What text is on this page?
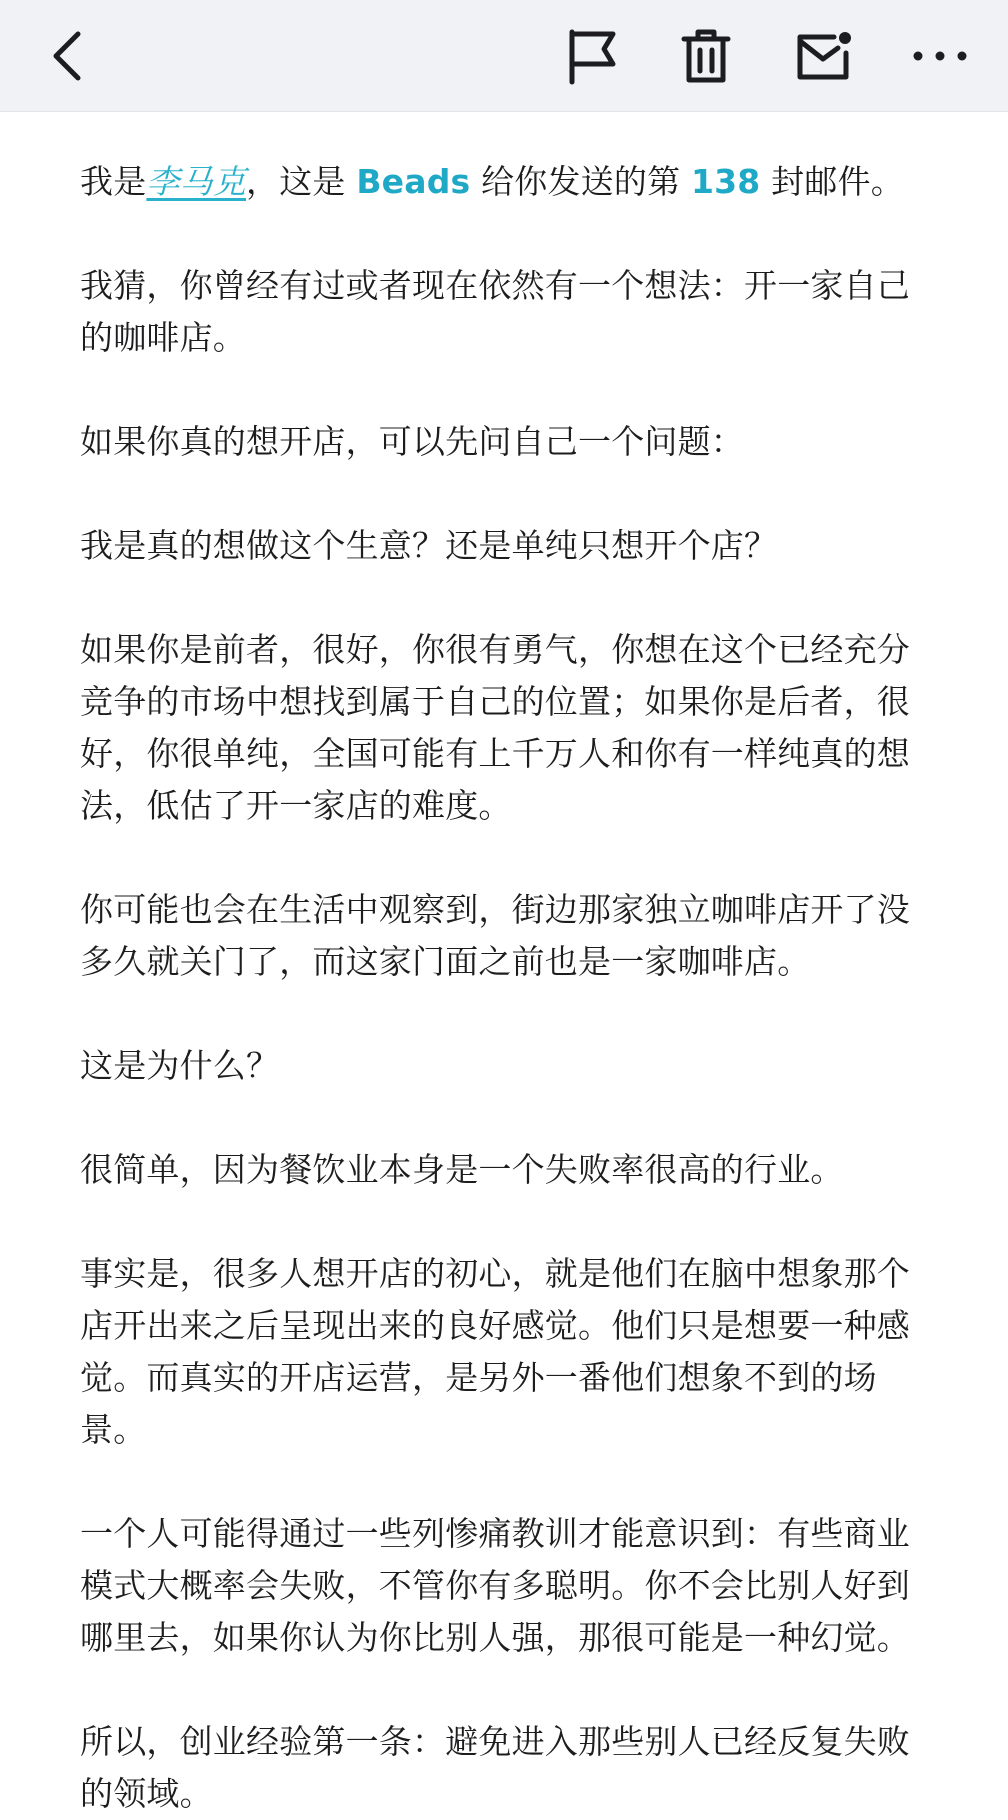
我是李马克，这是 Beads 给你发送的第 138 封邮件。

我猜，你曾经有过或者现在依然有一个想法：开一家自己的咖啡店。

如果你真的想开店，可以先问自己一个问题：

我是真的想做这个生意？还是单纯只想开个店？

如果你是前者，很好，你很有勇气，你想在这个已经充分竞争的市场中想找到属于自己的位置；如果你是后者，很好，你很单纯，全国可能有上千万人和你有一样纯真的想法，低估了开一家店的难度。

你可能也会在生活中观察到，街边那家独立咖啡店开了没多久就关门了，而这家门面之前也是一家咖啡店。

这是为什么？

很简单，因为餐饮业本身是一个失败率很高的行业。

事实是，很多人想开店的初心，就是他们在脑中想象那个店开出来之后呈现出来的良好感觉。他们只是想要一种感觉。而真实的开店运营，是另外一番他们想象不到的场景。

一个人可能得通过一些列惨痛教训才能意识到：有些商业模式大概率会失败，不管你有多聪明。你不会比别人好到哪里去，如果你认为你比别人强，那很可能是一种幻觉。

所以，创业经验第一条：避免进入那些别人已经反复失败的领域。
